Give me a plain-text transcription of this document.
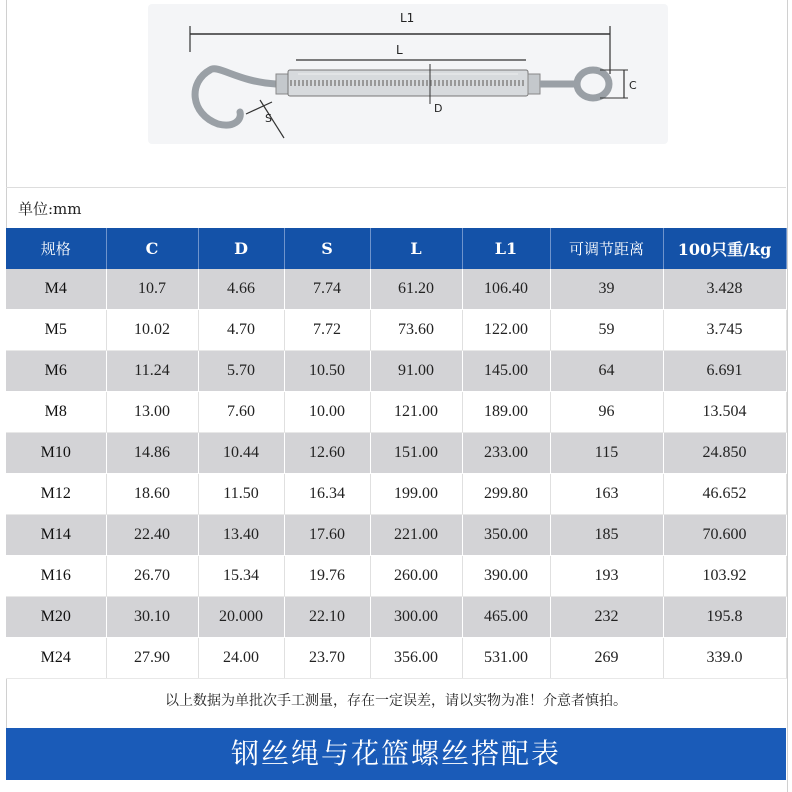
L1
L
S
C
D
单位:mm
规格	C	D	S	L	L1	可调节距离	100只重/kg
M4	10.7	4.66	7.74	61.20	106.40	39	3.428
M5	10.02	4.70	7.72	73.60	122.00	59	3.745
M6	11.24	5.70	10.50	91.00	145.00	64	6.691
M8	13.00	7.60	10.00	121.00	189.00	96	13.504
M10	14.86	10.44	12.60	151.00	233.00	115	24.850
M12	18.60	11.50	16.34	199.00	299.80	163	46.652
M14	22.40	13.40	17.60	221.00	350.00	185	70.600
M16	26.70	15.34	19.76	260.00	390.00	193	103.92
M20	30.10	20.000	22.10	300.00	465.00	232	195.8
M24	27.90	24.00	23.70	356.00	531.00	269	339.0
以上数据为单批次手工测量，存在一定误差，请以实物为准！介意者慎拍。
钢丝绳与花篮螺丝搭配表
